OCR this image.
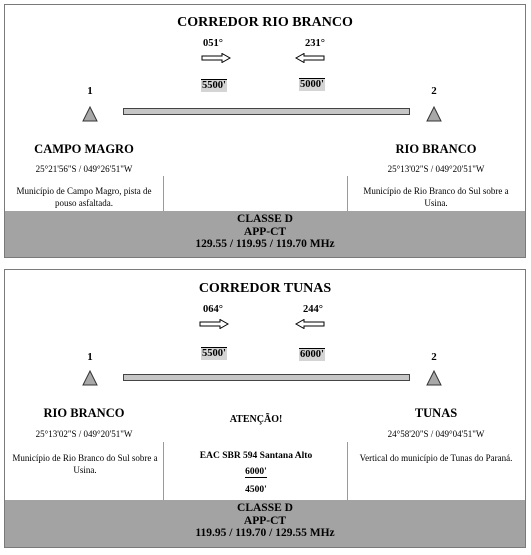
CORREDOR RIO BRANCO
051°	231°
5500'	5000'
1	2
CAMPO MAGRO
25°21'56"S / 049°26'51"W
Município de Campo Magro, pista de pouso asfaltada.
RIO BRANCO
25°13'02"S / 049°20'51"W
Município de Rio Branco do Sul sobre a Usina.
CLASSE D
APP-CT
129.55 / 119.95 / 119.70 MHz
CORREDOR TUNAS
064°	244°
5500'	6000'
1	2
RIO BRANCO
25°13'02"S / 049°20'51"W
Município de Rio Branco do Sul sobre a Usina.
ATENÇÃO!
EAC SBR 594 Santana Alto
6000'
4500'
TUNAS
24°58'20"S / 049°04'51"W
Vertical do município de Tunas do Paraná.
CLASSE D
APP-CT
119.95 / 119.70 / 129.55 MHz
